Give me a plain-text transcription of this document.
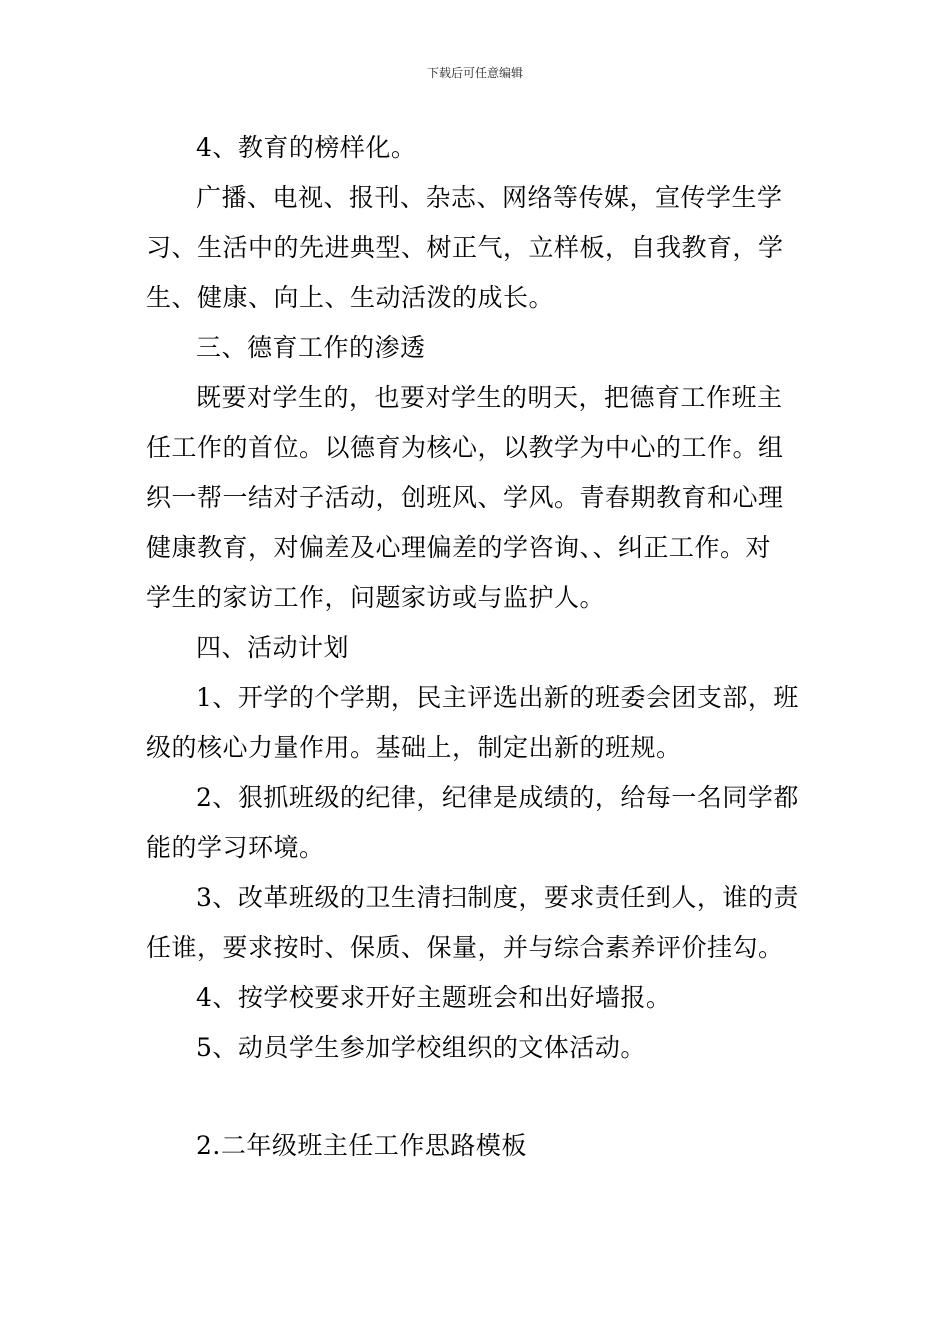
下载后可任意编辑
4、教育的榜样化。
广播、电视、报刊、杂志、网络等传媒，宣传学生学
习、生活中的先进典型、树正气，立样板，自我教育，学
生、健康、向上、生动活泼的成长。
三、德育工作的渗透
既要对学生的，也要对学生的明天，把德育工作班主
任工作的首位。以德育为核心，以教学为中心的工作。组
织一帮一结对子活动，创班风、学风。青春期教育和心理
健康教育，对偏差及心理偏差的学咨询、、纠正工作。对
学生的家访工作，问题家访或与监护人。
四、活动计划
1、开学的个学期，民主评选出新的班委会团支部，班
级的核心力量作用。基础上，制定出新的班规。
2、狠抓班级的纪律，纪律是成绩的，给每一名同学都
能的学习环境。
3、改革班级的卫生清扫制度，要求责任到人，谁的责
任谁，要求按时、保质、保量，并与综合素养评价挂勾。
4、按学校要求开好主题班会和出好墙报。
5、动员学生参加学校组织的文体活动。
2.二年级班主任工作思路模板
